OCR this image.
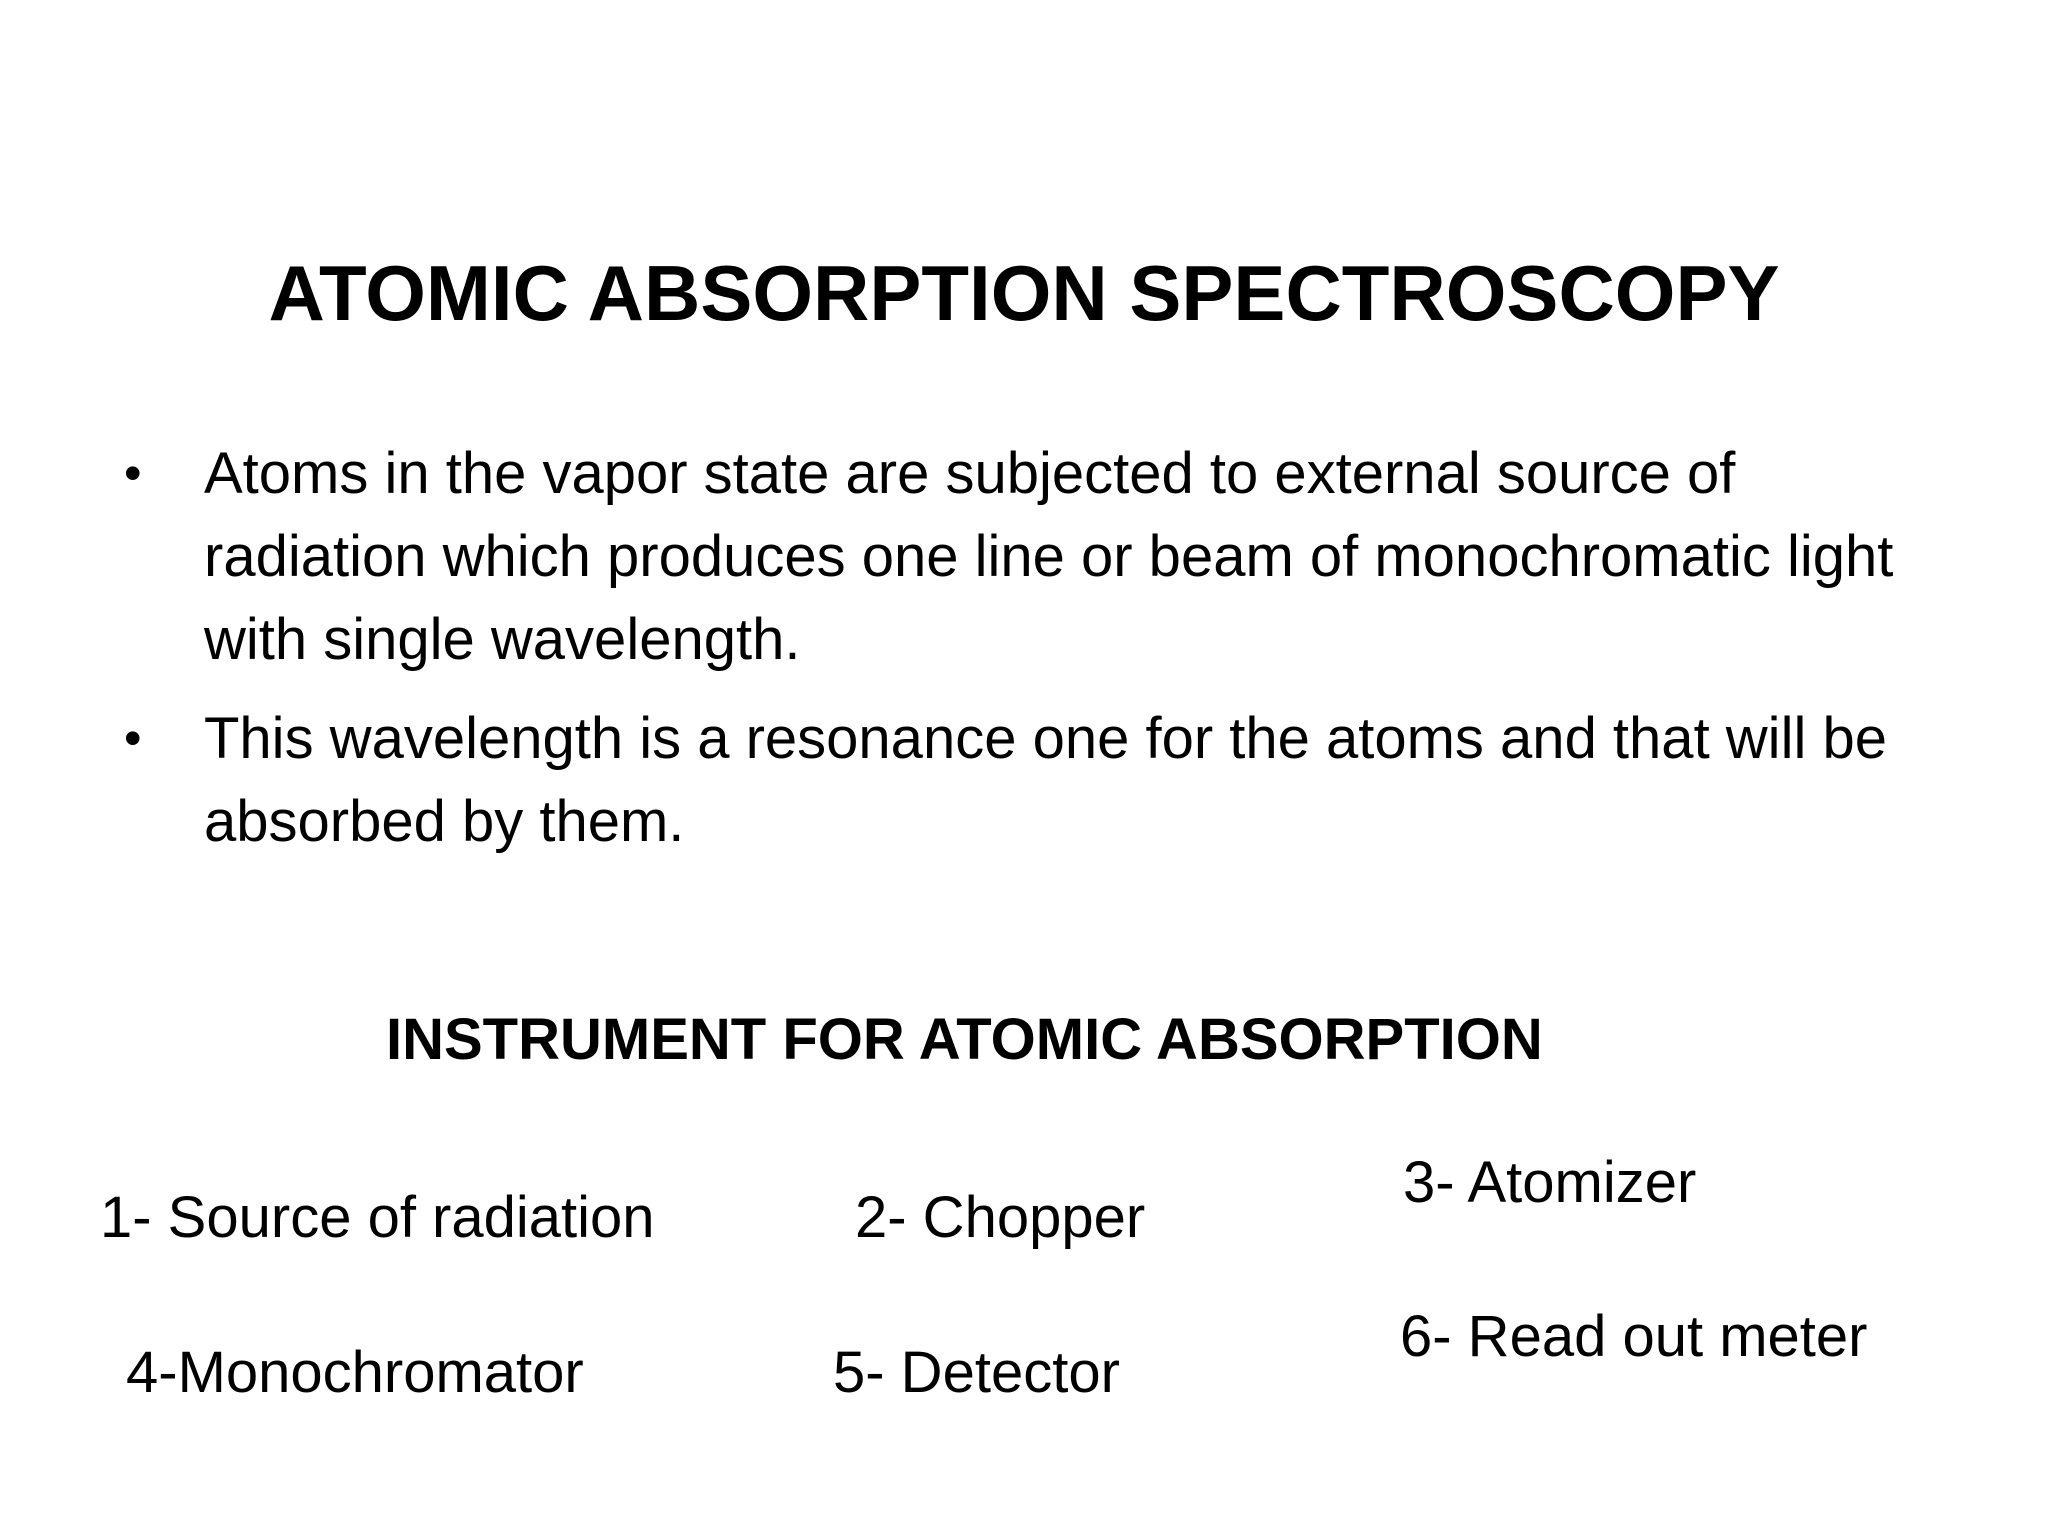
ATOMIC ABSORPTION SPECTROSCOPY
• Atoms in the vapor state are subjected to external source of radiation which produces one line or beam of monochromatic light with single wavelength.
• This wavelength is a resonance one for the atoms and that will be absorbed by them.
INSTRUMENT FOR ATOMIC ABSORPTION
1- Source of radiation	2- Chopper
3- Atomizer
4-Monochromator	5- Detector
6- Read out meter
